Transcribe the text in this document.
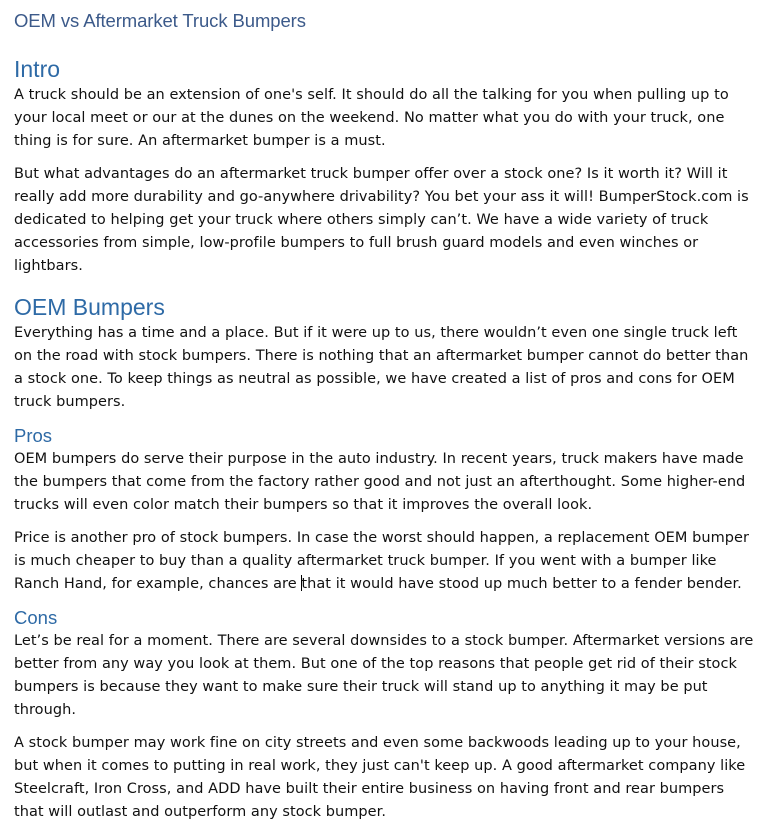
OEM vs Aftermarket Truck Bumpers
Intro

A truck should be an extension of one's self. It should do all the talking for you when pulling up to your local meet or our at the dunes on the weekend. No matter what you do with your truck, one thing is for sure. An aftermarket bumper is a must.

But what advantages do an aftermarket truck bumper offer over a stock one? Is it worth it? Will it really add more durability and go-anywhere drivability? You bet your ass it will! BumperStock.com is dedicated to helping get your truck where others simply can’t. We have a wide variety of truck accessories from simple, low-profile bumpers to full brush guard models and even winches or lightbars.

OEM Bumpers

Everything has a time and a place. But if it were up to us, there wouldn’t even one single truck left on the road with stock bumpers. There is nothing that an aftermarket bumper cannot do better than a stock one. To keep things as neutral as possible, we have created a list of pros and cons for OEM truck bumpers.

Pros

OEM bumpers do serve their purpose in the auto industry. In recent years, truck makers have made the bumpers that come from the factory rather good and not just an afterthought. Some higher-end trucks will even color match their bumpers so that it improves the overall look.

Price is another pro of stock bumpers. In case the worst should happen, a replacement OEM bumper is much cheaper to buy than a quality aftermarket truck bumper. If you went with a bumper like Ranch Hand, for example, chances are that it would have stood up much better to a fender bender.

Cons

Let’s be real for a moment. There are several downsides to a stock bumper. Aftermarket versions are better from any way you look at them. But one of the top reasons that people get rid of their stock bumpers is because they want to make sure their truck will stand up to anything it may be put through.

A stock bumper may work fine on city streets and even some backwoods leading up to your house, but when it comes to putting in real work, they just can't keep up. A good aftermarket company like Steelcraft, Iron Cross, and ADD have built their entire business on having front and rear bumpers that will outlast and outperform any stock bumper.
